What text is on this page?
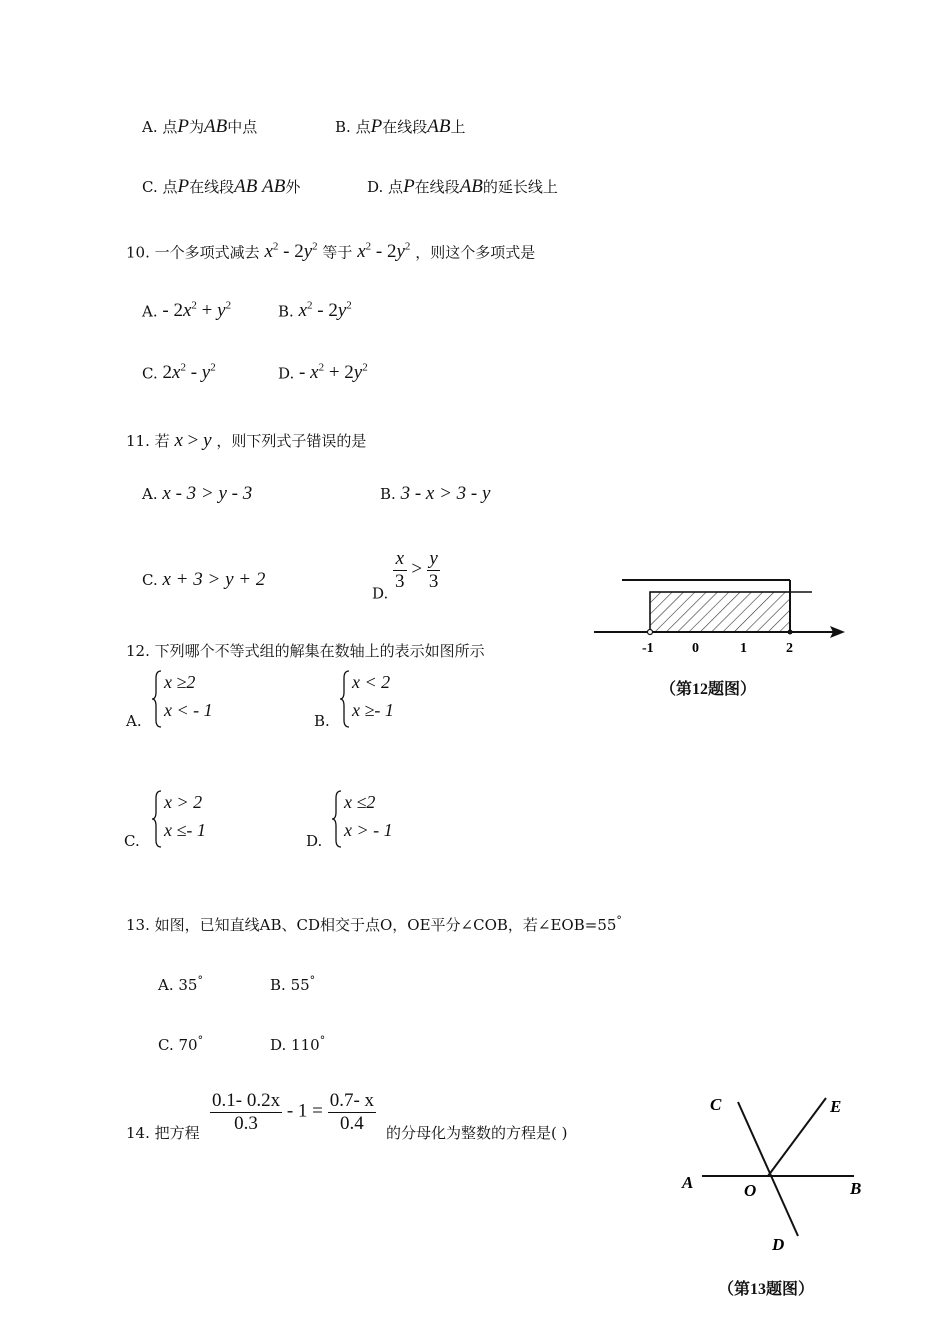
A. 点P为AB中点	B. 点P在线段AB上
C. 点P在线段AB AB外	D. 点P在线段AB的延长线上
10. 一个多项式减去 $x^2 - 2y^2$ 等于 $x^2 - 2y^2$ ，则这个多项式是
A. - $2x^2 + y^2$	B. $x^2 - 2y^2$
C. $2x^2 - y^2$	D. - $x^2 + 2y^2$
11. 若 x > y ，则下列式子错误的是
A. x - 3 > y - 3	B. 3 - x > 3 - y
C. x + 3 > y + 2
D.
$\frac{x}{3} > \frac{y}{3}$
12. 下列哪个不等式组的解集在数轴上的表示如图所示	-1	0	1	2
（第12题图）
A.
x ≥2
x < - 1
B.
x < 2
x ≥- 1
C.
x > 2
x ≤- 1
D.
x ≤2
x > - 1
13. 如图，已知直线AB、CD相交于点O，OE平分∠COB，若∠EOB=55°
A. 35°	B. 55°
C. 70°	D. 110°
C	E
A	O	B
D
（第13题图）
14. 把方程 $\frac{0.1- 0.2x}{0.3} - 1 = \frac{0.7- x}{0.4}$ 的分母化为整数的方程是( )
